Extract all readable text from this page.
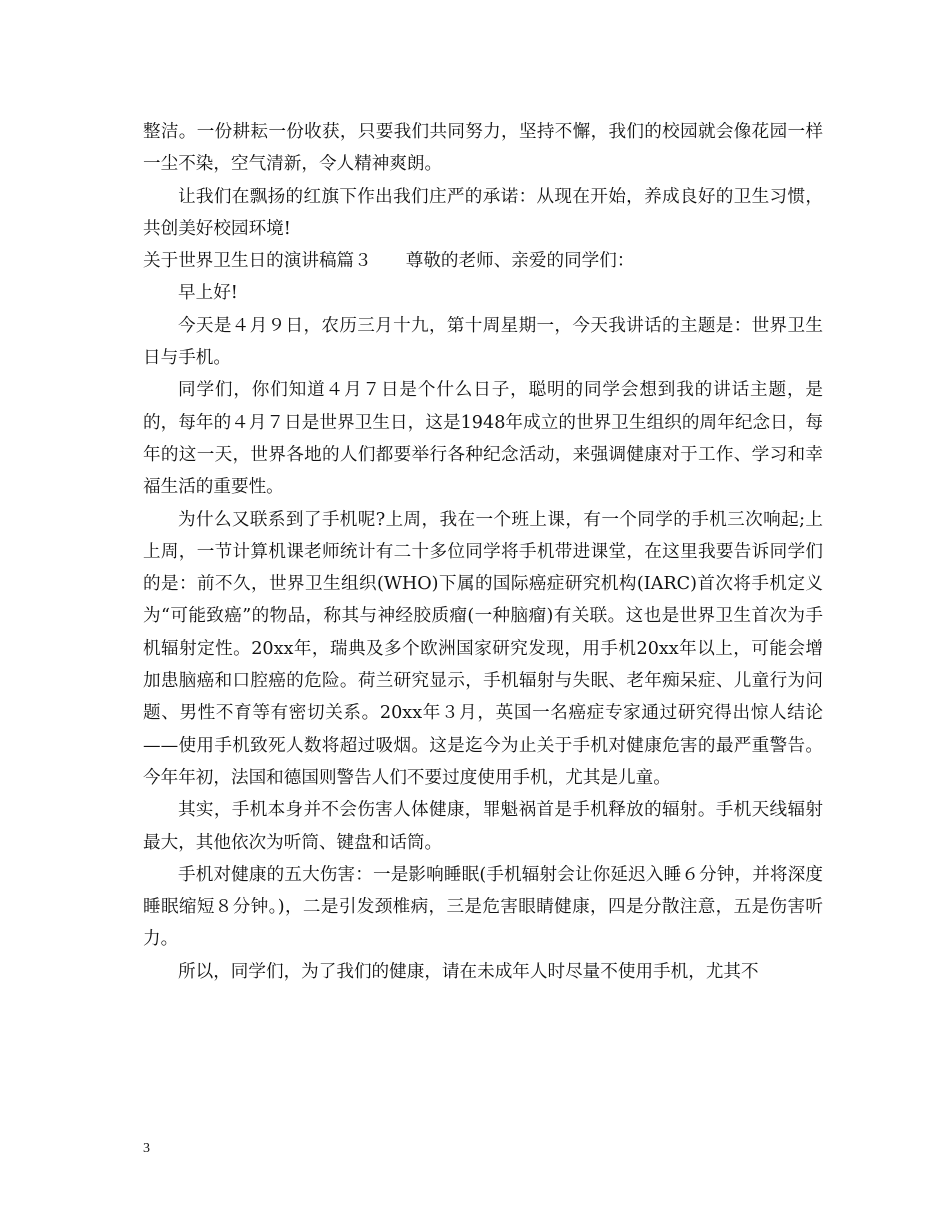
整洁。一份耕耘一份收获，只要我们共同努力，坚持不懈，我们的校园就会像花园一样一尘不染，空气清新，令人精神爽朗。

让我们在飘扬的红旗下作出我们庄严的承诺：从现在开始，养成良好的卫生习惯，共创美好校园环境!

关于世界卫生日的演讲稿篇３ 尊敬的老师、亲爱的同学们：

早上好!

今天是４月９日，农历三月十九，第十周星期一，今天我讲话的主题是：世界卫生日与手机。

同学们，你们知道４月７日是个什么日子，聪明的同学会想到我的讲话主题，是的，每年的４月７日是世界卫生日，这是1948年成立的世界卫生组织的周年纪念日，每年的这一天，世界各地的人们都要举行各种纪念活动，来强调健康对于工作、学习和幸福生活的重要性。

为什么又联系到了手机呢?上周，我在一个班上课，有一个同学的手机三次响起;上上周，一节计算机课老师统计有二十多位同学将手机带进课堂，在这里我要告诉同学们的是：前不久，世界卫生组织(WHO)下属的国际癌症研究机构(IARC)首次将手机定义为“可能致癌”的物品，称其与神经胶质瘤(一种脑瘤)有关联。这也是世界卫生首次为手机辐射定性。20xx年，瑞典及多个欧洲国家研究发现，用手机20xx年以上，可能会增加患脑癌和口腔癌的危险。荷兰研究显示，手机辐射与失眠、老年痴呆症、儿童行为问题、男性不育等有密切关系。20xx年３月，英国一名癌症专家通过研究得出惊人结论——使用手机致死人数将超过吸烟。这是迄今为止关于手机对健康危害的最严重警告。今年年初，法国和德国则警告人们不要过度使用手机，尤其是儿童。

其实，手机本身并不会伤害人体健康，罪魁祸首是手机释放的辐射。手机天线辐射最大，其他依次为听筒、键盘和话筒。

手机对健康的五大伤害：一是影响睡眠(手机辐射会让你延迟入睡６分钟，并将深度睡眠缩短８分钟。)，二是引发颈椎病，三是危害眼睛健康，四是分散注意，五是伤害听力。

所以，同学们，为了我们的健康，请在未成年人时尽量不使用手机，尤其不

3
